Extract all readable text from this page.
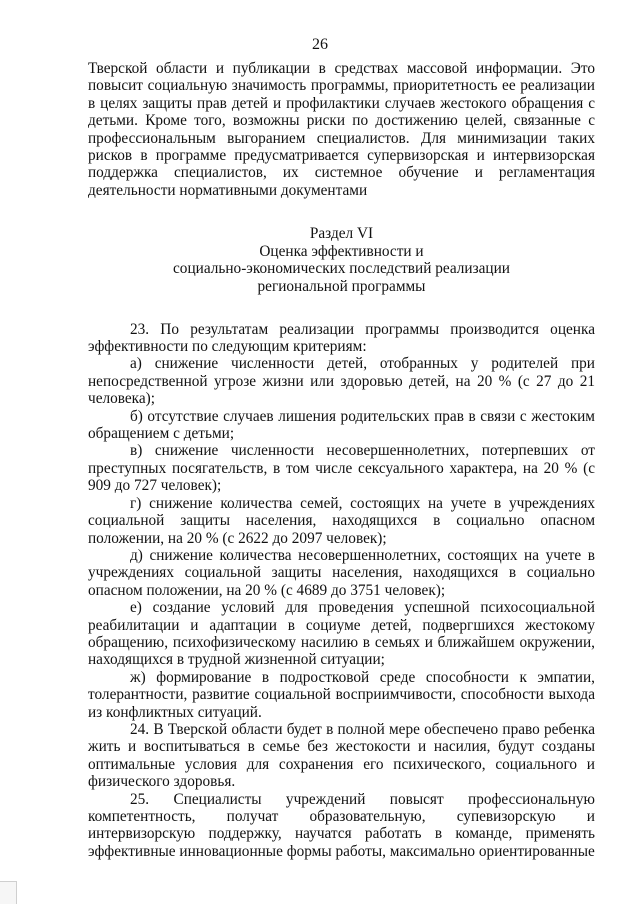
26

Тверской области и публикации в средствах массовой информации. Это повысит социальную значимость программы, приоритетность ее реализации в целях защиты прав детей и профилактики случаев жестокого обращения с детьми. Кроме того, возможны риски по достижению целей, связанные с профессиональным выгоранием специалистов. Для минимизации таких рисков в программе предусматривается супервизорская и интервизорская поддержка специалистов, их системное обучение и регламентация деятельности нормативными документами

Раздел VI
Оценка эффективности и
социально-экономических последствий реализации
региональной программы

23. По результатам реализации программы производится оценка эффективности по следующим критериям:

а) снижение численности детей, отобранных у родителей при непосредственной угрозе жизни или здоровью детей, на 20 % (с 27 до 21 человека);

б) отсутствие случаев лишения родительских прав в связи с жестоким обращением с детьми;

в) снижение численности несовершеннолетних, потерпевших от преступных посягательств, в том числе сексуального характера, на 20 % (с 909 до 727 человек);

г) снижение количества семей, состоящих на учете в учреждениях социальной защиты населения, находящихся в социально опасном положении, на 20 % (с 2622 до 2097 человек);

д) снижение количества несовершеннолетних, состоящих на учете в учреждениях социальной защиты населения, находящихся в социально опасном положении, на 20 % (с 4689 до 3751 человек);

е) создание условий для проведения успешной психосоциальной реабилитации и адаптации в социуме детей, подвергшихся жестокому обращению, психофизическому насилию в семьях и ближайшем окружении, находящихся в трудной жизненной ситуации;

ж) формирование в подростковой среде способности к эмпатии, толерантности, развитие социальной восприимчивости, способности выхода из конфликтных ситуаций.

24. В Тверской области будет в полной мере обеспечено право ребенка жить и воспитываться в семье без жестокости и насилия, будут созданы оптимальные условия для сохранения его психического, социального и физического здоровья.

25. Специалисты учреждений повысят профессиональную компетентность, получат образовательную, супевизорскую и интервизорскую поддержку, научатся работать в команде, применять эффективные инновационные формы работы, максимально ориентированные
